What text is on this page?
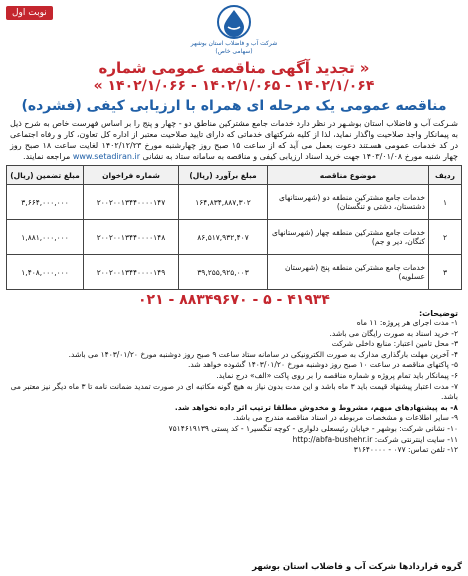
نوبت اول
شرکت آب و فاضلاب استان بوشهر
(سهامی خاص)
« تجدید آگهی مناقصه عمومی شماره
۱۴۰۲/۱/۰۶۴ - ۱۴۰۲/۱/۰۶۵ - ۱۴۰۲/۱/۰۶۶ »
مناقصه عمومی یک مرحله ای همراه با ارزیابی کیفی (فشرده)
شـرکت آب و فاضلاب استان بوشـهر در نظر دارد خدمات جامع مشترکین مناطق دو - چهار و پنج را بر اساس فهرست خاص به شرح ذیل به پیمانکار واجد صلاحیت واگذار نماید، لذا از کلیه شرکتهای خدماتی که دارای تایید صلاحیت معتبر از اداره کل تعاون، کار و رفاه اجتماعی در کد خدمات عمومی هسـتند دعوت بعمل می آید که از ساعت ۱۵ صبح روز چهارشنبه مورخ ۱۴۰۲/۱۲/۲۳ لغایت ساعت ۱۸ صبح روز چهار شنبه مورخ ۱۴۰۳/۰۱/۰۸ جهت خرید اسناد ارزیابی کیفی و مناقصه به سامانه ستاد به نشانی www.setadiran.ir مراجعه نمایند.
ردیف	موضوع مناقصه	مبلغ برآورد (ریال)	شماره فراخوان	مبلغ تضمین (ریال)
۱	خدمات جامع مشترکین منطقه دو (شهرستانهای دشتستان، دشتی و تنگستان)	۱۶۴,۸۳۴,۸۸۷,۳۰۲	۲۰۰۲۰۰۱۳۴۴۰۰۰۰۱۴۷	۳,۶۶۴,۰۰۰,۰۰۰
۲	خدمات جامع مشترکین منطقه چهار (شهرستانهای کنگان، دیر و جم)	۸۶,۵۱۷,۹۳۲,۴۰۷	۲۰۰۲۰۰۱۳۴۴۰۰۰۰۱۴۸	۱,۸۸۱,۰۰۰,۰۰۰
۳	خدمات جامع مشترکین منطقه پنج (شهرستان عسلویه)	۳۹,۲۵۵,۹۲۵,۰۰۳	۲۰۰۲۰۰۱۳۴۴۰۰۰۰۱۴۹	۱,۴۰۸,۰۰۰,۰۰۰
۰۲۱ - ۸۸۳۴۹۶۷۰ - ۵ - ۴۱۹۳۴
توضیحات:
۱- مدت اجرای هر پروژه: ۱۱ ماه
۲- خرید اسناد به صورت رایگان می باشد.
۳- محل تامین اعتبار: منابع داخلی شرکت
۴- آخرین مهلت بارگذاری مدارک به صورت الکترونیکی در سامانه ستاد ساعت ۹ صبح روز دوشنبه مورخ ۱۴۰۳/۰۱/۲۰ می باشد.
۵- پاکتهای مناقصه در ساعت ۱۰ صبح روز دوشنبه مورخ ۱۴۰۳/۰۱/۲۰ گشوده خواهد شد.
۶- پیمانکار باید تمام پروژه و شماره مناقصه را بر روی پاکت «الف» درج نماید.
۷- مدت اعتبار پیشنهاد قیمت باید ۳ ماه باشد و این مدت بدون نیاز به هیچ گونه مکاتبه ای در صورت تمدید ضمانت نامه تا ۳ ماه دیگر نیز معتبر می باشد.
۸- به پیشنهادهای مبهم، مشروط و مخدوش مطلقا ترتیب اثر داده نخواهد شد.
۹- سایر اطلاعات و مشخصات مربوطه در اسناد مناقصه مندرج می باشد.
۱۰- نشانی شرکت: بوشهر - خیابان رئیسعلی دلواری - کوچه تنگسیر۱ - کد پستی ۷۵۱۴۶۱۹۱۳۹
۱۱- سایت اینترنتی شرکت: http://abfa-bushehr.ir
۱۲- تلفن تماس: ۰۷۷ - ۳۱۶۴۰۰۰۰
گروه قراردادها شرکت آب و فاضلاب استان بوشهر
